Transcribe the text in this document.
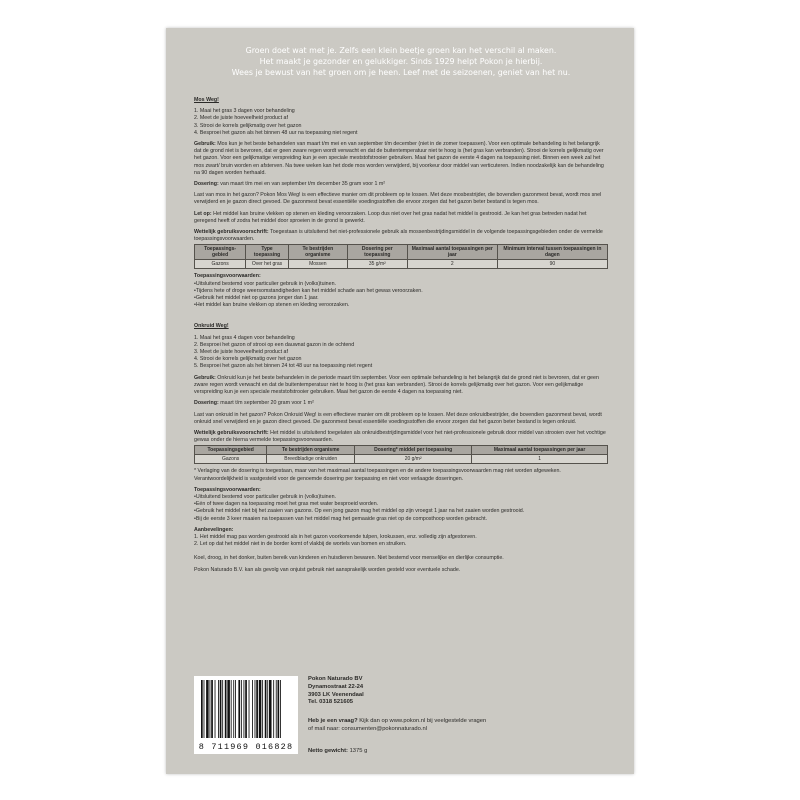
Groen doet wat met je. Zelfs een klein beetje groen kan het verschil al maken.
Het maakt je gezonder en gelukkiger. Sinds 1929 helpt Pokon je hierbij.
Wees je bewust van het groen om je heen. Leef met de seizoenen, geniet van het nu.
Mos Weg!
1. Maai het gras 3 dagen voor behandeling
2. Meet de juiste hoeveelheid product af
3. Strooi de korrels gelijkmatig over het gazon
4. Besproei het gazon als het binnen 48 uur na toepassing niet regent
Gebruik: Mos kun je het beste behandelen van maart t/m mei en van september t/m december (niet in de zomer toepassen). Voor een optimale behandeling is het belangrijk dat de grond niet is bevroren, dat er geen zware regen wordt verwacht en dat de buitentemperatuur niet te hoog is (het gras kan verbranden). Strooi de korrels gelijkmatig over het gazon. Voor een gelijkmatige verspreiding kun je een speciale meststofstrooier gebruiken. Maai het gazon de eerste 4 dagen na toepassing niet. Binnen een week zal het mos zwart/ bruin worden en afsterven. Na twee weken kan het dode mos worden verwijderd, bij voorkeur door middel van verticuteren. Indien noodzakelijk kan de behandeling na 90 dagen worden herhaald.
Dosering: van maart t/m mei en van september t/m december 35 gram voor 1 m²
Last van mos in het gazon? Pokon Mos Weg! is een effectieve manier om dit probleem op te lossen. Met deze mosbestrijder, die bovendien gazonmest bevat, wordt mos snel verwijderd en je gazon direct gevoed. De gazonmest bevat essentiële voedingsstoffen die ervoor zorgen dat het gazon beter bestand is tegen mos.
Let op: Het middel kan bruine vlekken op stenen en kleding veroorzaken. Loop dus niet over het gras nadat het middel is gestrooid. Je kan het gras betreden nadat het geregend heeft of zodra het middel door sproeien in de grond is gewerkt.
Wettelijk gebruiksvoorschrift: Toegestaan is uitsluitend het niet-professionele gebruik als mossenbestrijdingsmiddel in de volgende toepassingsgebieden onder de vermelde toepassingsvoorwaarden.
Toepassings-gebied	Type toepassing	Te bestrijden organisme	Dosering per toepassing	Maximaal aantal toepassingen per jaar	Minimum interval tussen toepassingen in dagen
Gazons	Over het gras	Mossen	35 g/m²	2	90
Toepassingsvoorwaarden:
• Uitsluitend bestemd voor particulier gebruik in (volks)tuinen.
• Tijdens hete of droge weersomstandigheden kan het middel schade aan het gewas veroorzaken.
• Gebruik het middel niet op gazons jonger dan 1 jaar.
• Het middel kan bruine vlekken op stenen en kleding veroorzaken.
Onkruid Weg!
1. Maai het gras 4 dagen voor behandeling
2. Besproei het gazon of strooi op een dauwnat gazon in de ochtend
3. Meet de juiste hoeveelheid product af
4. Strooi de korrels gelijkmatig over het gazon
5. Besproei het gazon als het binnen 24 tot 48 uur na toepassing niet regent
Gebruik: Onkruid kun je het beste behandelen in de periode maart t/m september. Voor een optimale behandeling is het belangrijk dat de grond niet is bevroren, dat er geen zware regen wordt verwacht en dat de buitentemperatuur niet te hoog is (het gras kan verbranden). Strooi de korrels gelijkmatig over het gazon. Voor een gelijkmatige verspreiding kun je een speciale meststofstrooier gebruiken. Maai het gazon de eerste 4 dagen na toepassing niet.
Dosering: maart t/m september 20 gram voor 1 m²
Last van onkruid in het gazon? Pokon Onkruid Weg! is een effectieve manier om dit probleem op te lossen. Met deze onkruidbestrijder, die bovendien gazonmest bevat, wordt onkruid snel verwijderd en je gazon direct gevoed. De gazonmest bevat essentiële voedingsstoffen die ervoor zorgen dat het gazon beter bestand is tegen onkruid.
Wettelijk gebruiksvoorschrift: Het middel is uitsluitend toegelaten als onkruidbestrijdingsmiddel voor het niet-professionele gebruik door middel van strooien over het vochtige gewas onder de hierna vermelde toepassingsvoorwaarden.
Toepassingsgebied	Te bestrijden organisme	Dosering* middel per toepassing	Maximaal aantal toepassingen per jaar
Gazons	Breedbladige onkruiden	20 g/m²	1
* Verlaging van de dosering is toegestaan, maar van het maximaal aantal toepassingen en de andere toepassingsvoorwaarden mag niet worden afgeweken. Verantwoordelijkheid is vastgesteld voor de genoemde dosering per toepassing en niet voor verlaagde doseringen.
Toepassingsvoorwaarden:
• Uitsluitend bestemd voor particulier gebruik in (volks)tuinen.
• Eén of twee dagen na toepassing moet het gras met water besproeid worden.
• Gebruik het middel niet bij het zaaien van gazons. Op een jong gazon mag het middel op zijn vroegst 1 jaar na het zaaien worden gestrooid.
• Bij de eerste 3 keer maaien na toepassen van het middel mag het gemaaide gras niet op de composthoop worden gebracht.
Aanbevelingen:
1. Het middel mag pas worden gestrooid als in het gazon voorkomende tulpen, krokussen, enz. volledig zijn afgestorven.
2. Let op dat het middel niet in de border komt of vlakbij de wortels van bomen en struiken.
Koel, droog, in het donker, buiten bereik van kinderen en huisdieren bewaren. Niet bestemd voor menselijke en dierlijke consumptie.
Pokon Naturado B.V. kan als gevolg van onjuist gebruik niet aansprakelijk worden gesteld voor eventuele schade.
8 711969 016828
Pokon Naturado BV
Dynamostraat 22-24
3903 LK Veenendaal
Tel. 0318 521605
Heb je een vraag? Kijk dan op www.pokon.nl bij veelgestelde vragen
of mail naar: consumenten@pokonnaturado.nl
Netto gewicht: 1375 g
